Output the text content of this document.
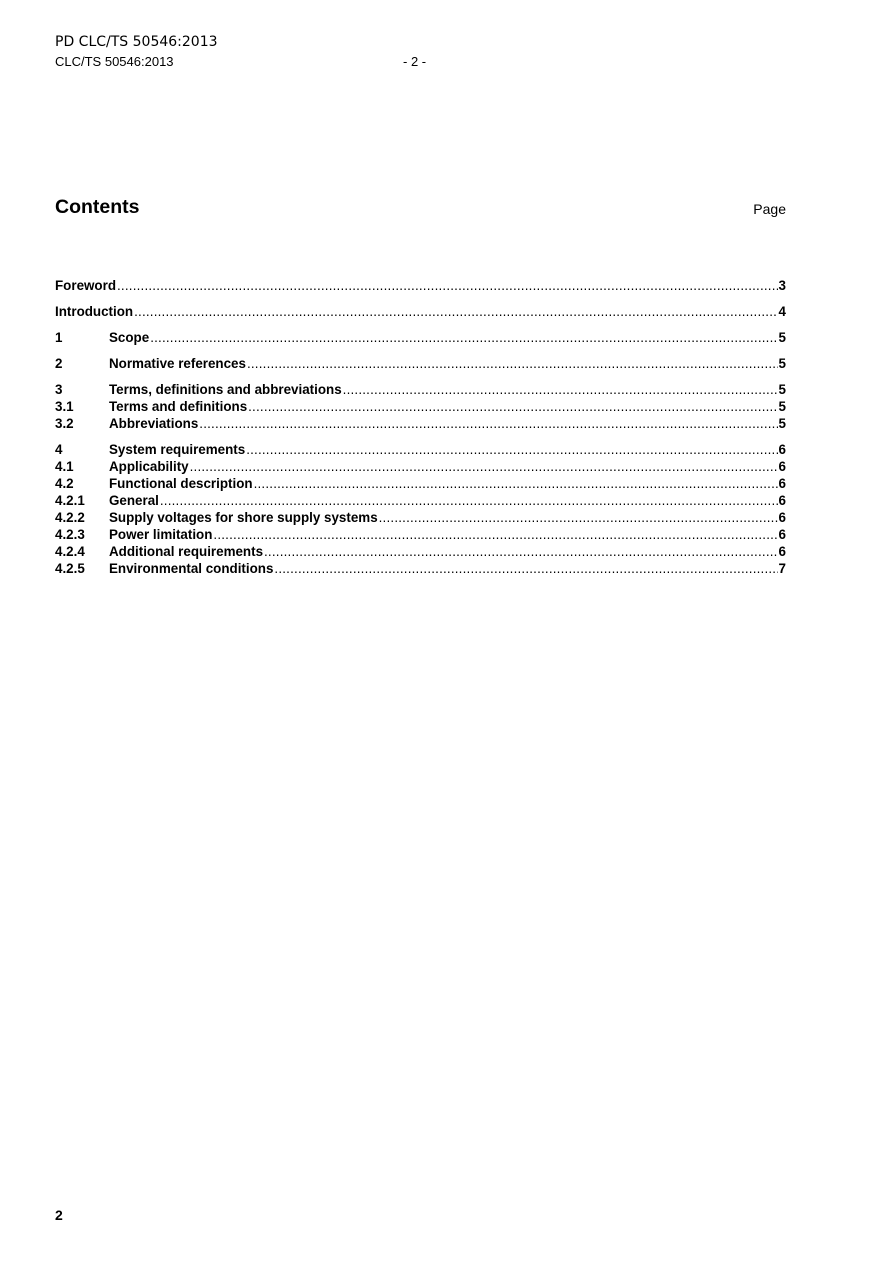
PD CLC/TS 50546:2013
CLC/TS 50546:2013	- 2 -
Contents	Page
Foreword .....	3
Introduction .....	4
1	Scope .....	5
2	Normative references .....	5
3	Terms, definitions and abbreviations .....	5
3.1	Terms and definitions .....	5
3.2	Abbreviations .....	5
4	System requirements .....	6
4.1	Applicability .....	6
4.2	Functional description .....	6
4.2.1	General .....	6
4.2.2	Supply voltages for shore supply systems .....	6
4.2.3	Power limitation .....	6
4.2.4	Additional requirements .....	6
4.2.5	Environmental conditions .....	7
2
